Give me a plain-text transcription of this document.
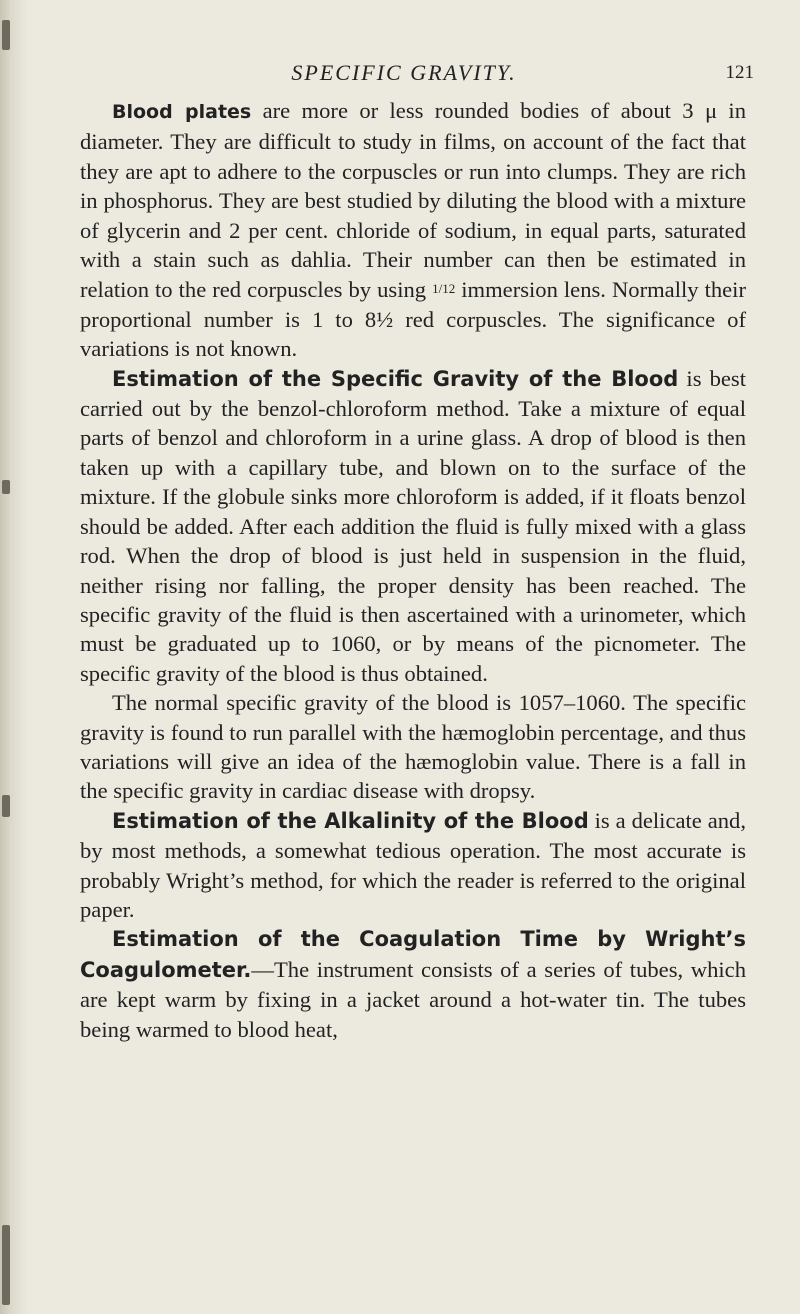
SPECIFIC GRAVITY.	121

Blood plates are more or less rounded bodies of about 3 μ in diameter. They are difficult to study in films, on account of the fact that they are apt to adhere to the corpuscles or run into clumps. They are rich in phosphorus. They are best studied by diluting the blood with a mixture of glycerin and 2 per cent. chloride of sodium, in equal parts, saturated with a stain such as dahlia. Their number can then be estimated in relation to the red corpuscles by using 1/12 immersion lens. Normally their proportional number is 1 to 8½ red corpuscles. The significance of variations is not known.

Estimation of the Specific Gravity of the Blood is best carried out by the benzol-chloroform method. Take a mixture of equal parts of benzol and chloroform in a urine glass. A drop of blood is then taken up with a capillary tube, and blown on to the surface of the mixture. If the globule sinks more chloroform is added, if it floats benzol should be added. After each addition the fluid is fully mixed with a glass rod. When the drop of blood is just held in suspension in the fluid, neither rising nor falling, the proper density has been reached. The specific gravity of the fluid is then ascertained with a urinometer, which must be graduated up to 1060, or by means of the picnometer. The specific gravity of the blood is thus obtained.

The normal specific gravity of the blood is 1057–1060. The specific gravity is found to run parallel with the hæmoglobin percentage, and thus variations will give an idea of the hæmoglobin value. There is a fall in the specific gravity in cardiac disease with dropsy.

Estimation of the Alkalinity of the Blood is a delicate and, by most methods, a somewhat tedious operation. The most accurate is probably Wright’s method, for which the reader is referred to the original paper.

Estimation of the Coagulation Time by Wright’s Coagulometer.—The instrument consists of a series of tubes, which are kept warm by fixing in a jacket around a hot-water tin. The tubes being warmed to blood heat,
